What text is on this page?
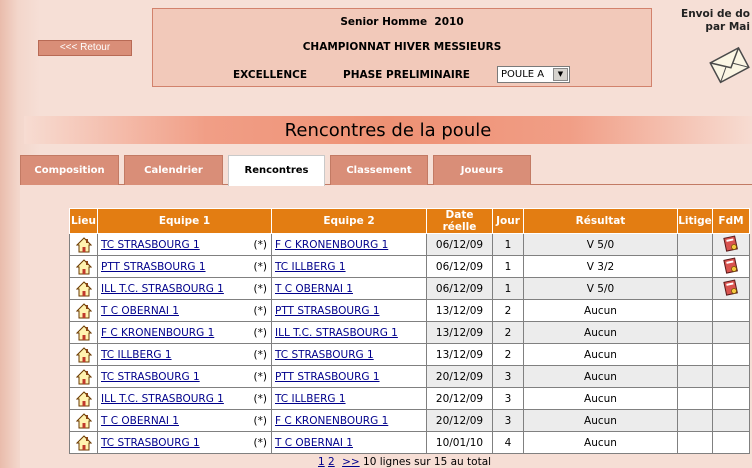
<<< Retour
Senior Homme  2010
CHAMPIONNAT HIVER MESSIEURS
EXCELLENCE	PHASE PRELIMINAIRE	POULE A	▼
Envoi de do
par Mai
Rencontres de la poule
Composition	Calendrier	Rencontres	Classement	Joueurs
Lieu	Equipe 1	Equipe 2	Date réelle	Jour	Résultat	Litige	FdM
	TC STRASBOURG 1 (*)	F C KRONENBOURG 1	06/12/09	1	V 5/0		
	PTT STRASBOURG 1 (*)	TC ILLBERG 1	06/12/09	1	V 3/2		
	ILL T.C. STRASBOURG 1 (*)	T C OBERNAI 1	06/12/09	1	V 5/0		
	T C OBERNAI 1 (*)	PTT STRASBOURG 1	13/12/09	2	Aucun		
	F C KRONENBOURG 1 (*)	ILL T.C. STRASBOURG 1	13/12/09	2	Aucun		
	TC ILLBERG 1 (*)	TC STRASBOURG 1	13/12/09	2	Aucun		
	TC STRASBOURG 1 (*)	PTT STRASBOURG 1	20/12/09	3	Aucun		
	ILL T.C. STRASBOURG 1 (*)	TC ILLBERG 1	20/12/09	3	Aucun		
	T C OBERNAI 1 (*)	F C KRONENBOURG 1	20/12/09	3	Aucun		
	TC STRASBOURG 1 (*)	T C OBERNAI 1	10/01/10	4	Aucun		
1 2 >> 10 lignes sur 15 au total
